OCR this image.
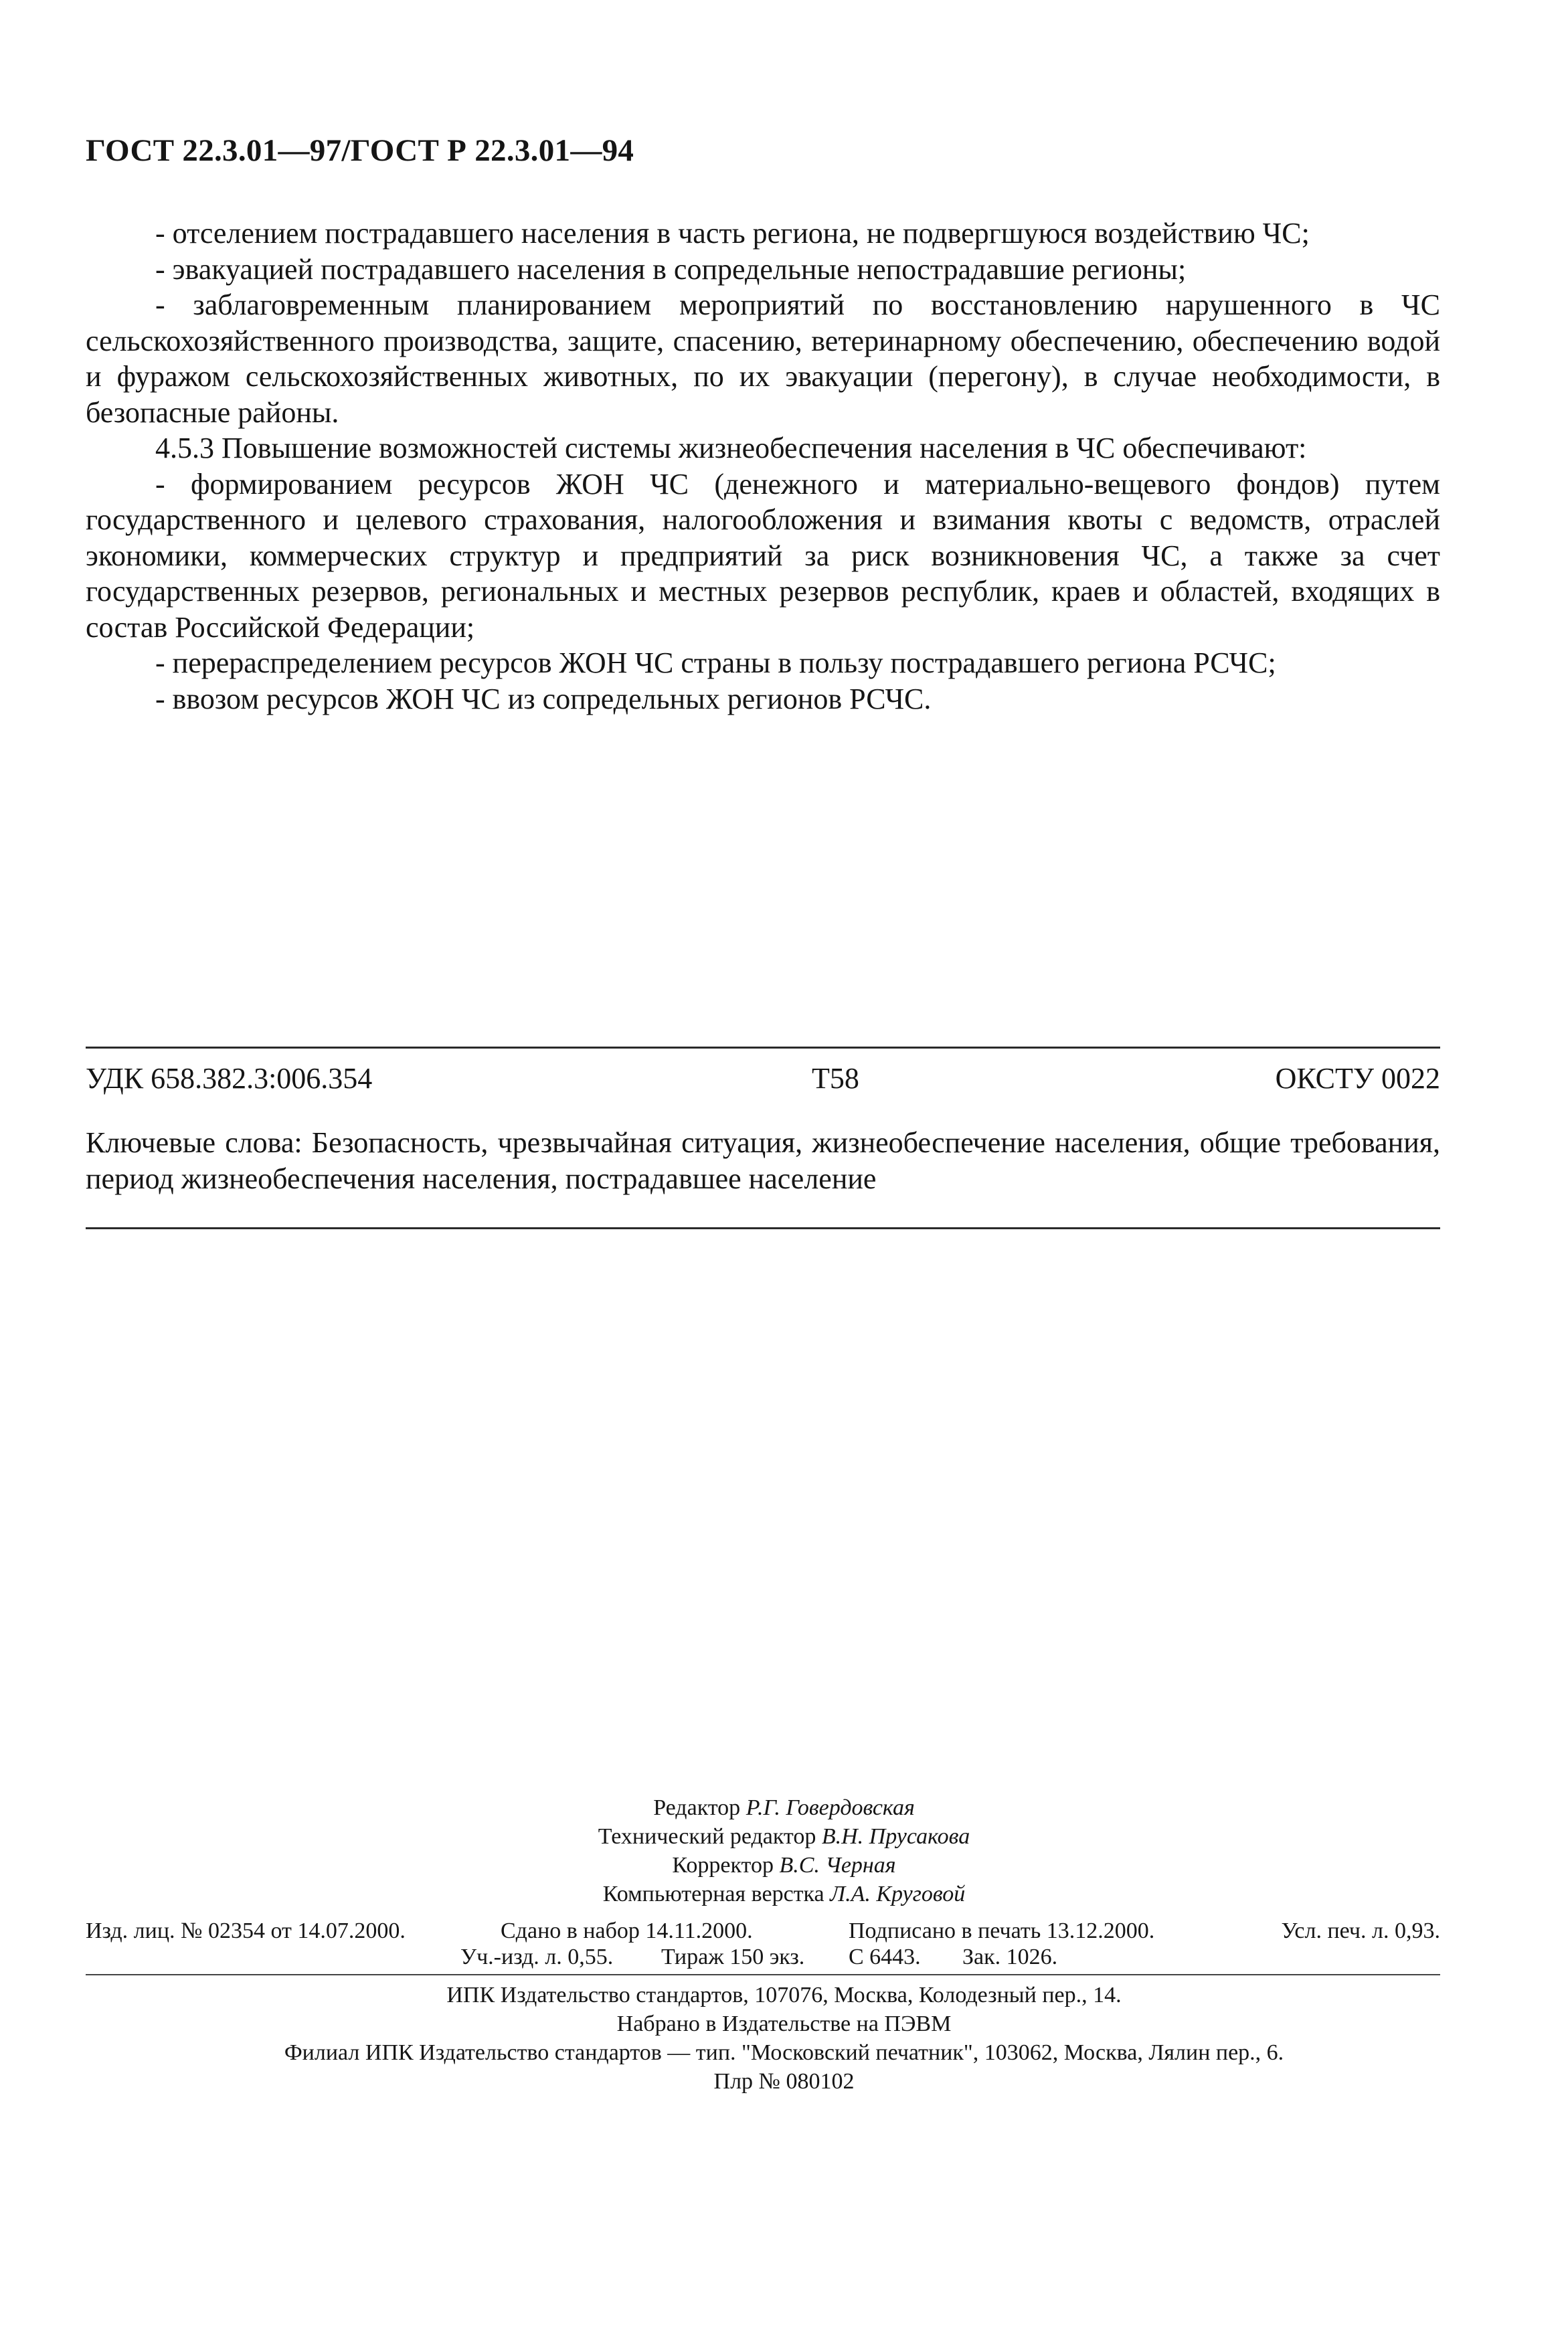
ГОСТ 22.3.01—97/ГОСТ Р 22.3.01—94

- отселением пострадавшего населения в часть региона, не подвергшуюся воздействию ЧС;

- эвакуацией пострадавшего населения в сопредельные непострадавшие регионы;

- заблаговременным планированием мероприятий по восстановлению нарушенного в ЧС сельскохозяйственного производства, защите, спасению, ветеринарному обеспечению, обеспечению водой и фуражом сельскохозяйственных животных, по их эвакуации (перегону), в случае необходимости, в безопасные районы.

4.5.3 Повышение возможностей системы жизнеобеспечения населения в ЧС обеспечивают:

- формированием ресурсов ЖОН ЧС (денежного и материально-вещевого фондов) путем государственного и целевого страхования, налогообложения и взимания квоты с ведомств, отраслей экономики, коммерческих структур и предприятий за риск возникновения ЧС, а также за счет государственных резервов, региональных и местных резервов республик, краев и областей, входящих в состав Российской Федерации;

- перераспределением ресурсов ЖОН ЧС страны в пользу пострадавшего региона РСЧС;

- ввозом ресурсов ЖОН ЧС из сопредельных регионов РСЧС.

УДК 658.382.3:006.354	Т58	ОКСТУ 0022
Ключевые слова: Безопасность, чрезвычайная ситуация, жизнеобеспечение населения, общие требования, период жизнеобеспечения населения, пострадавшее население
Редактор Р.Г. Говердовская
Технический редактор В.Н. Прусакова
Корректор В.С. Черная
Компьютерная верстка Л.А. Круговой
Изд. лиц. № 02354 от 14.07.2000.	Сдано в набор 14.11.2000.	Подписано в печать 13.12.2000.	Усл. печ. л. 0,93.
Уч.-изд. л. 0,55. Тираж 150 экз. С 6443. Зак. 1026.
ИПК Издательство стандартов, 107076, Москва, Колодезный пер., 14.
Набрано в Издательстве на ПЭВМ
Филиал ИПК Издательство стандартов — тип. "Московский печатник", 103062, Москва, Лялин пер., 6.
Плр № 080102
